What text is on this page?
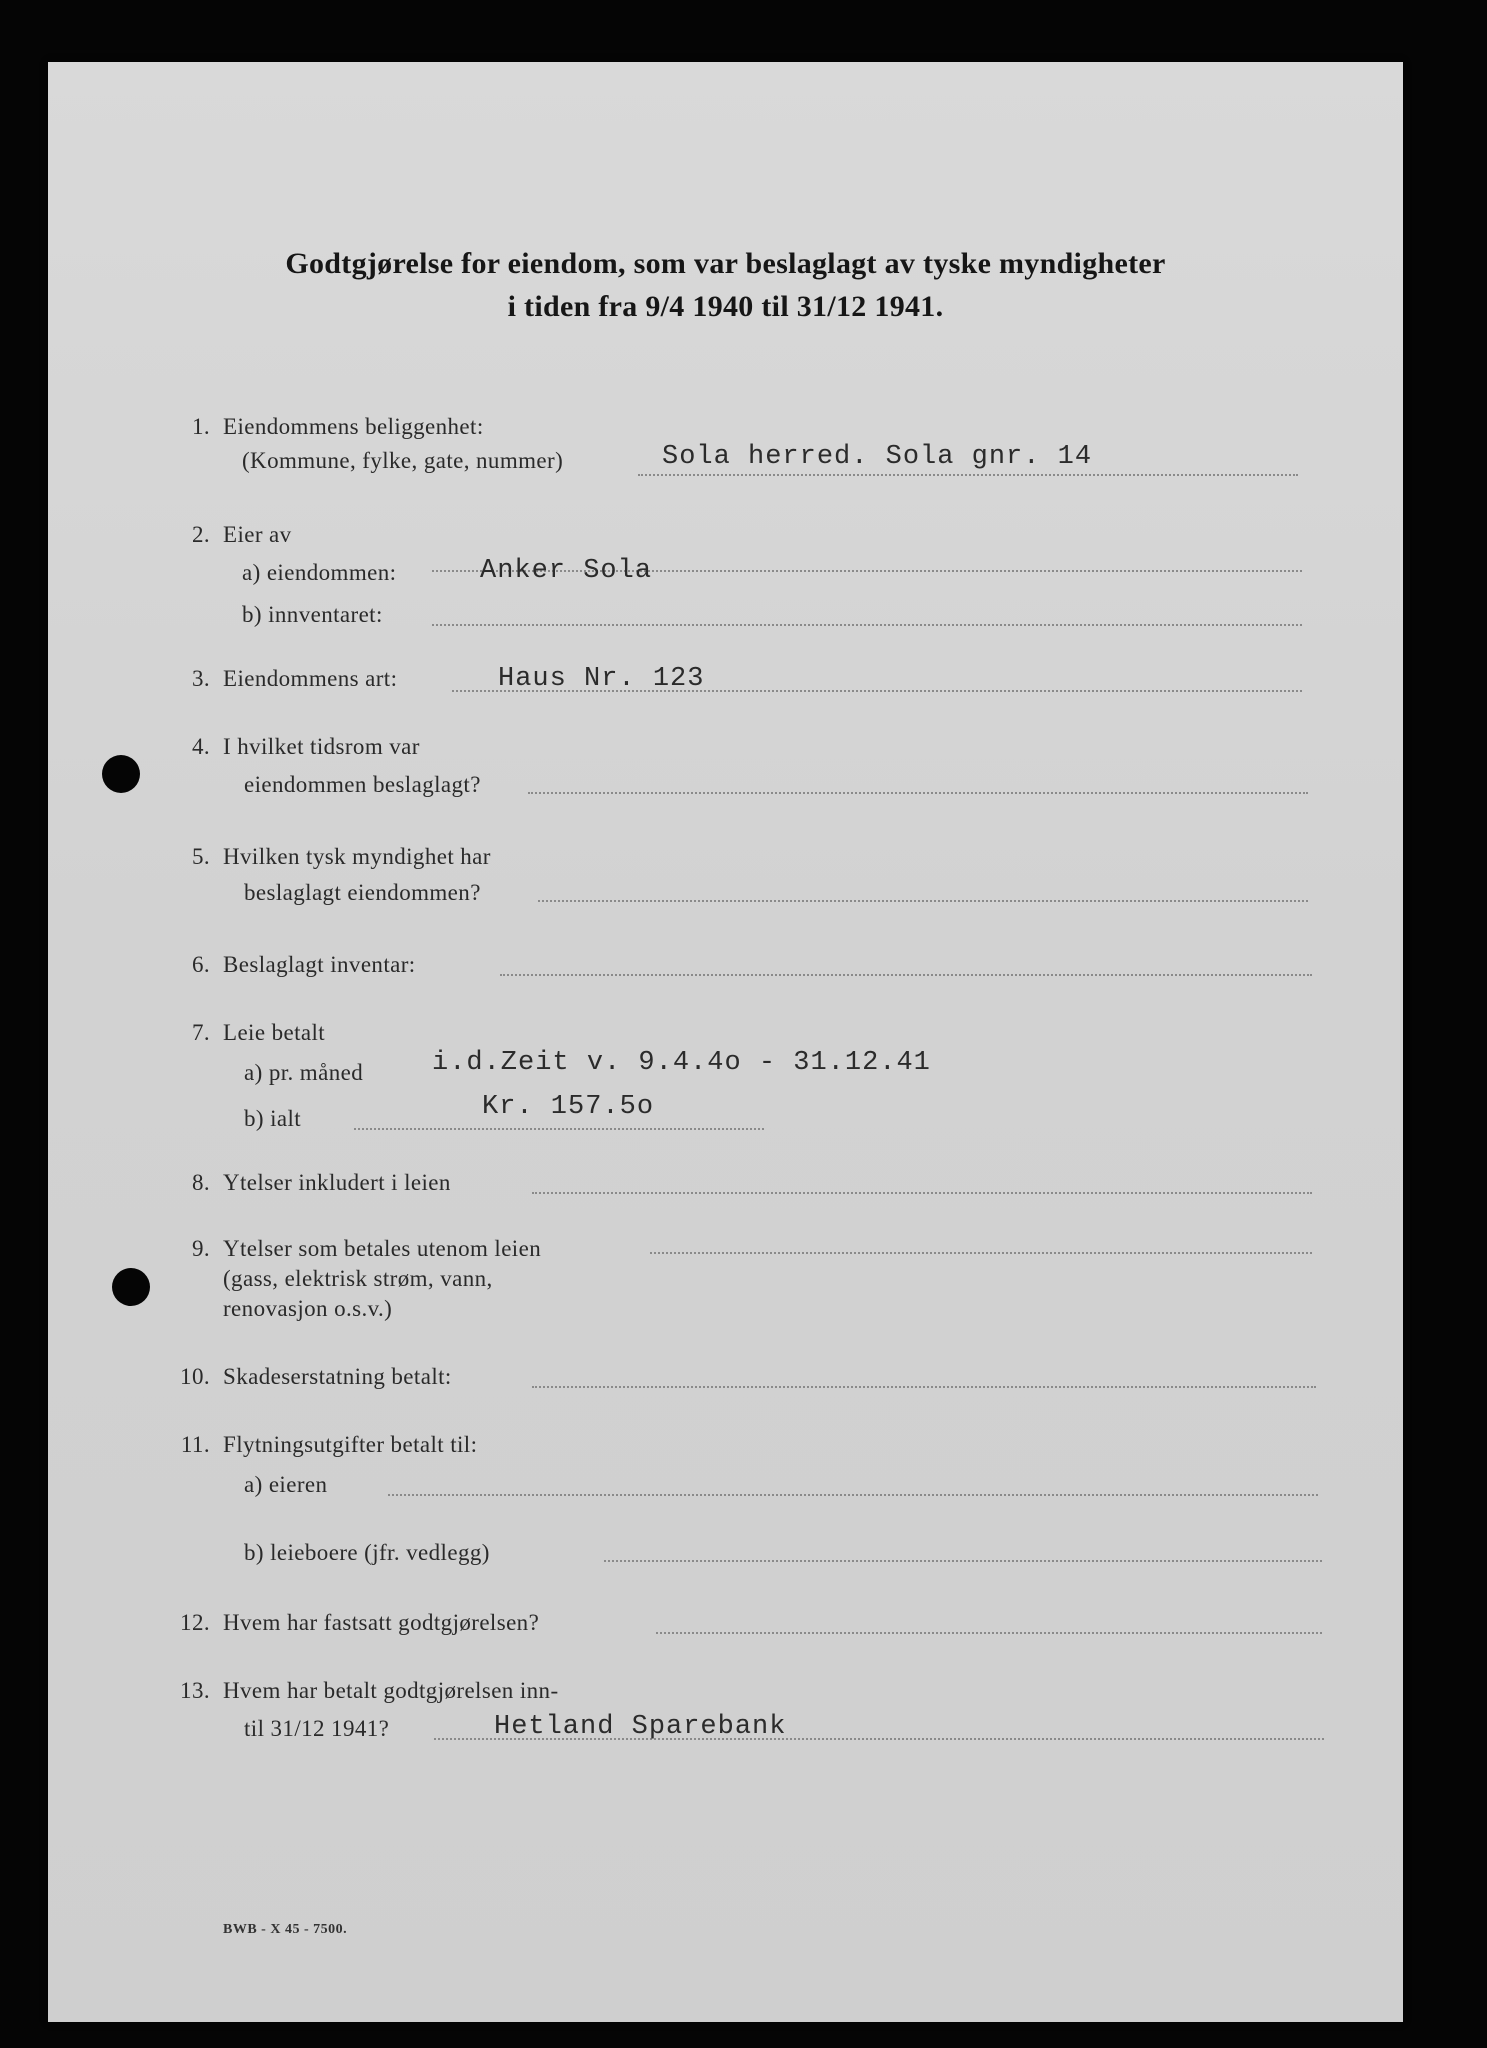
Godtgjørelse for eiendom, som var beslaglagt av tyske myndigheter
i tiden fra 9/4 1940 til 31/12 1941.
1. Eiendommens beliggenhet:
(Kommune, fylke, gate, nummer)	Sola herred. Sola gnr. 14
2. Eier av
a) eiendommen:	Anker Sola
b) innventaret:
3. Eiendommens art:	Haus Nr. 123
4. I hvilket tidsrom var
eiendommen beslaglagt?
5. Hvilken tysk myndighet har
beslaglagt eiendommen?
6. Beslaglagt inventar:
7. Leie betalt
a) pr. måned	i.d.Zeit v. 9.4.4o - 31.12.41
b) ialt	Kr. 157.5o
8. Ytelser inkludert i leien
9. Ytelser som betales utenom leien
(gass, elektrisk strøm, vann,
renovasjon o.s.v.)
10. Skadeserstatning betalt:
11. Flytningsutgifter betalt til:
a) eieren
b) leieboere (jfr. vedlegg)
12. Hvem har fastsatt godtgjørelsen?
13. Hvem har betalt godtgjørelsen inn-
til 31/12 1941?	Hetland Sparebank
BWB - X 45 - 7500.
